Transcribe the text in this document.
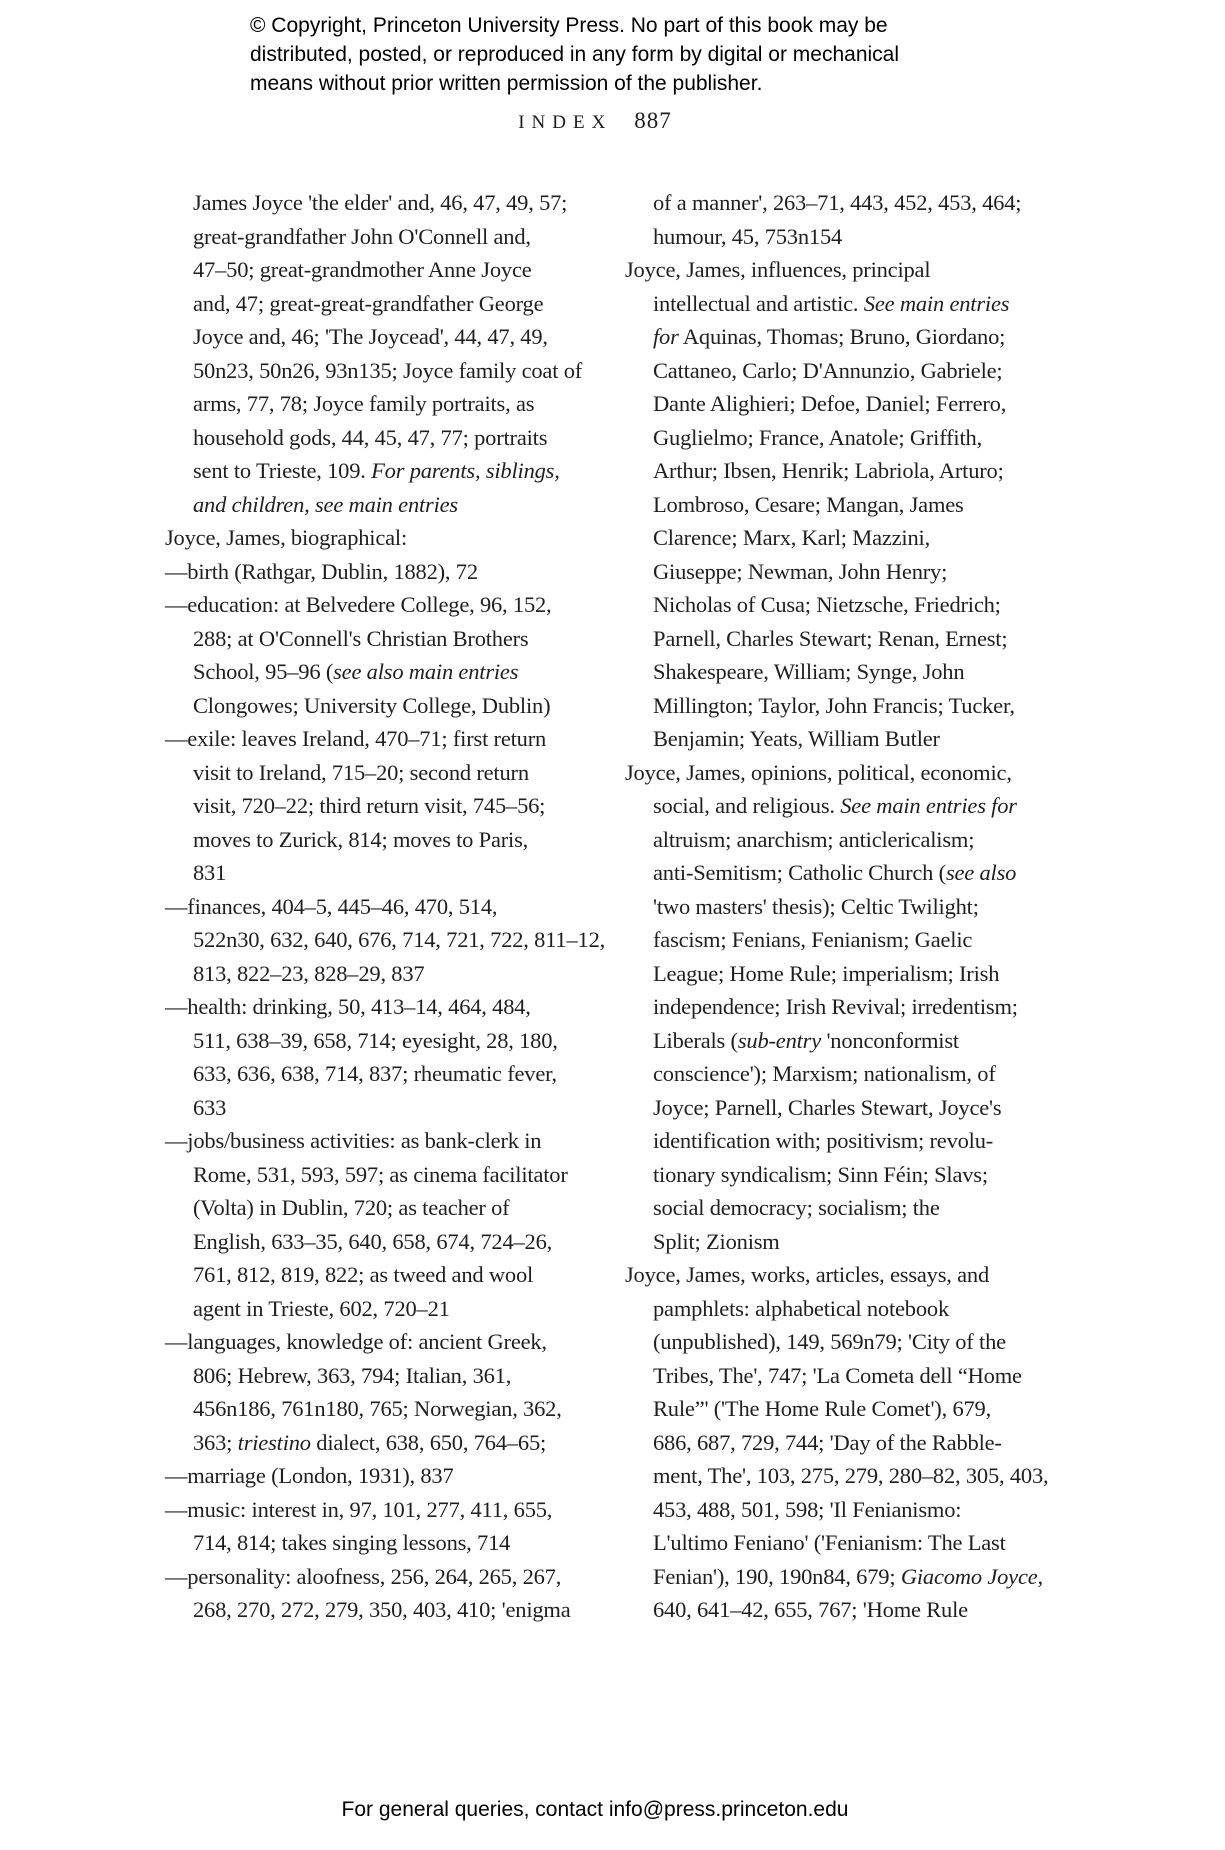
© Copyright, Princeton University Press. No part of this book may be
distributed, posted, or reproduced in any form by digital or mechanical
means without prior written permission of the publisher.
INDEX 887
James Joyce 'the elder' and, 46, 47, 49, 57;
great-grandfather John O'Connell and,
47–50; great-grandmother Anne Joyce
and, 47; great-great-grandfather George
Joyce and, 46; 'The Joycead', 44, 47, 49,
50n23, 50n26, 93n135; Joyce family coat of
arms, 77, 78; Joyce family portraits, as
household gods, 44, 45, 47, 77; portraits
sent to Trieste, 109. For parents, siblings,
and children, see main entries
Joyce, James, biographical:
—birth (Rathgar, Dublin, 1882), 72
—education: at Belvedere College, 96, 152,
288; at O'Connell's Christian Brothers
School, 95–96 (see also main entries
Clongowes; University College, Dublin)
—exile: leaves Ireland, 470–71; first return
visit to Ireland, 715–20; second return
visit, 720–22; third return visit, 745–56;
moves to Zurick, 814; moves to Paris,
831
—finances, 404–5, 445–46, 470, 514,
522n30, 632, 640, 676, 714, 721, 722, 811–12,
813, 822–23, 828–29, 837
—health: drinking, 50, 413–14, 464, 484,
511, 638–39, 658, 714; eyesight, 28, 180,
633, 636, 638, 714, 837; rheumatic fever,
633
—jobs/business activities: as bank-clerk in
Rome, 531, 593, 597; as cinema facilitator
(Volta) in Dublin, 720; as teacher of
English, 633–35, 640, 658, 674, 724–26,
761, 812, 819, 822; as tweed and wool
agent in Trieste, 602, 720–21
—languages, knowledge of: ancient Greek,
806; Hebrew, 363, 794; Italian, 361,
456n186, 761n180, 765; Norwegian, 362,
363; triestino dialect, 638, 650, 764–65;
—marriage (London, 1931), 837
—music: interest in, 97, 101, 277, 411, 655,
714, 814; takes singing lessons, 714
—personality: aloofness, 256, 264, 265, 267,
268, 270, 272, 279, 350, 403, 410; 'enigma
of a manner', 263–71, 443, 452, 453, 464;
humour, 45, 753n154
Joyce, James, influences, principal
intellectual and artistic. See main entries
for Aquinas, Thomas; Bruno, Giordano;
Cattaneo, Carlo; D'Annunzio, Gabriele;
Dante Alighieri; Defoe, Daniel; Ferrero,
Guglielmo; France, Anatole; Griffith,
Arthur; Ibsen, Henrik; Labriola, Arturo;
Lombroso, Cesare; Mangan, James
Clarence; Marx, Karl; Mazzini,
Giuseppe; Newman, John Henry;
Nicholas of Cusa; Nietzsche, Friedrich;
Parnell, Charles Stewart; Renan, Ernest;
Shakespeare, William; Synge, John
Millington; Taylor, John Francis; Tucker,
Benjamin; Yeats, William Butler
Joyce, James, opinions, political, economic,
social, and religious. See main entries for
altruism; anarchism; anticlericalism;
anti-Semitism; Catholic Church (see also
'two masters' thesis); Celtic Twilight;
fascism; Fenians, Fenianism; Gaelic
League; Home Rule; imperialism; Irish
independence; Irish Revival; irredentism;
Liberals (sub-entry 'nonconformist
conscience'); Marxism; nationalism, of
Joyce; Parnell, Charles Stewart, Joyce's
identification with; positivism; revolu-
tionary syndicalism; Sinn Féin; Slavs;
social democracy; socialism; the
Split; Zionism
Joyce, James, works, articles, essays, and
pamphlets: alphabetical notebook
(unpublished), 149, 569n79; 'City of the
Tribes, The', 747; 'La Cometa dell “Home
Rule”' ('The Home Rule Comet'), 679,
686, 687, 729, 744; 'Day of the Rabble-
ment, The', 103, 275, 279, 280–82, 305, 403,
453, 488, 501, 598; 'Il Fenianismo:
L'ultimo Feniano' ('Fenianism: The Last
Fenian'), 190, 190n84, 679; Giacomo Joyce,
640, 641–42, 655, 767; 'Home Rule
For general queries, contact info@press.princeton.edu
